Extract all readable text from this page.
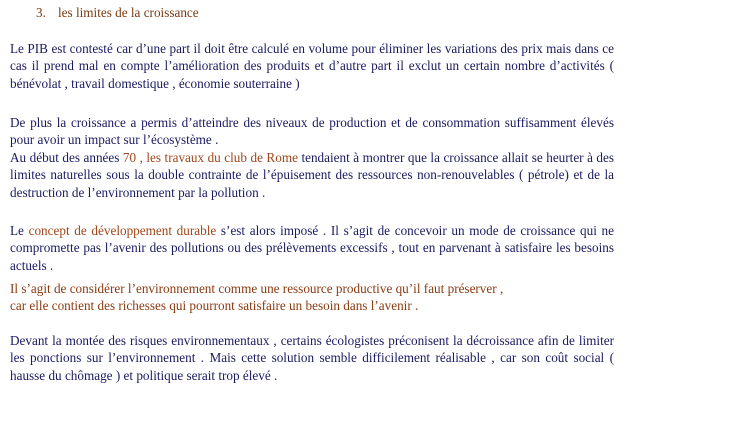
3. les limites de la croissance

Le PIB est contesté car d’une part il doit être calculé en volume pour éliminer les variations des prix mais dans ce cas il prend mal en compte l’amélioration des produits et d’autre part il exclut un certain nombre d’activités ( bénévolat , travail domestique , économie souterraine )

De plus la croissance a permis d’atteindre des niveaux de production et de consommation suffisamment élevés pour avoir un impact sur l’écosystème .

Au début des années 70 , les travaux du club de Rome tendaient à montrer que la croissance allait se heurter à des limites naturelles sous la double contrainte de l’épuisement des ressources non-renouvelables ( pétrole) et de la destruction de l’environnement par la pollution .

Le concept de développement durable s’est alors imposé . Il s’agit de concevoir un mode de croissance qui ne compromette pas l’avenir des pollutions ou des prélèvements excessifs , tout en parvenant à satisfaire les besoins actuels .

Il s’agit de considérer l’environnement comme une ressource productive qu’il faut préserver ,
car elle contient des richesses qui pourront satisfaire un besoin dans l’avenir .

Devant la montée des risques environnementaux , certains écologistes préconisent la décroissance afin de limiter les ponctions sur l’environnement . Mais cette solution semble difficilement réalisable , car son coût social ( hausse du chômage ) et politique serait trop élevé .
